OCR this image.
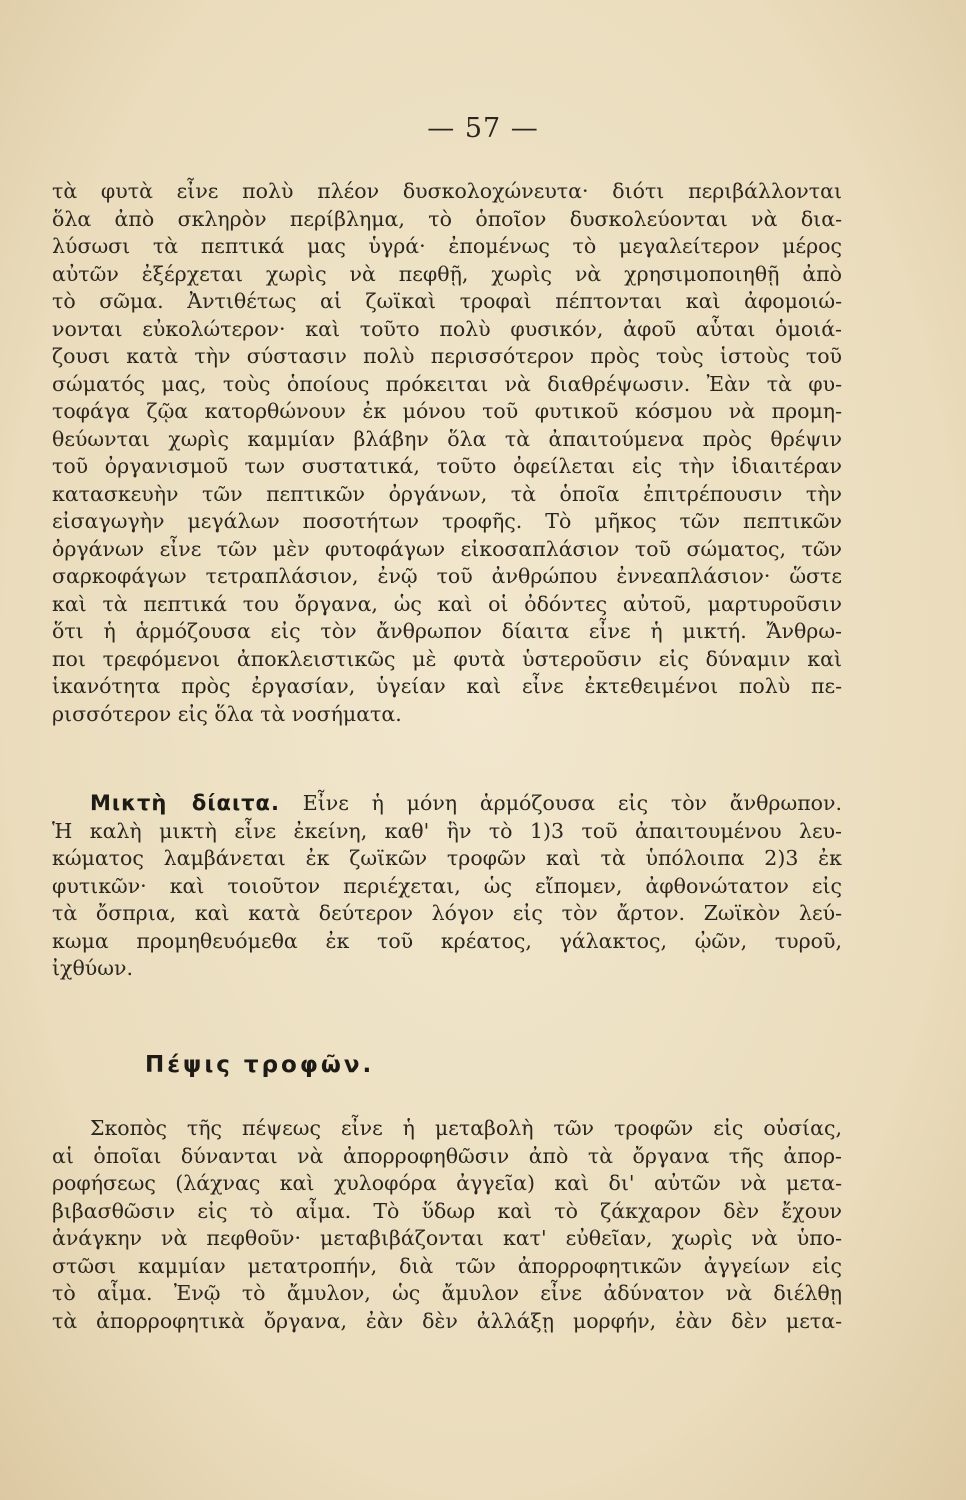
— 57 —
τὰ φυτὰ εἶνε πολὺ πλέον δυσκολοχώνευτα· διότι περιβάλλονται
ὅλα ἀπὸ σκληρὸν περίβλημα, τὸ ὁποῖον δυσκολεύονται νὰ δια-
λύσωσι τὰ πεπτικά μας ὑγρά· ἐπομένως τὸ μεγαλείτερον μέρος
αὐτῶν ἐξέρχεται χωρὶς νὰ πεφθῇ, χωρὶς νὰ χρησιμοποιηθῇ ἀπὸ
τὸ σῶμα. Ἀντιθέτως αἱ ζωϊκαὶ τροφαὶ πέπτονται καὶ ἀφομοιώ-
νονται εὐκολώτερον· καὶ τοῦτο πολὺ φυσικόν, ἀφοῦ αὗται ὁμοιά-
ζουσι κατὰ τὴν σύστασιν πολὺ περισσότερον πρὸς τοὺς ἱστοὺς τοῦ
σώματός μας, τοὺς ὁποίους πρόκειται νὰ διαθρέψωσιν. Ἐὰν τὰ φυ-
τοφάγα ζῷα κατορθώνουν ἐκ μόνου τοῦ φυτικοῦ κόσμου νὰ προμη-
θεύωνται χωρὶς καμμίαν βλάβην ὅλα τὰ ἀπαιτούμενα πρὸς θρέψιν
τοῦ ὀργανισμοῦ των συστατικά, τοῦτο ὀφείλεται εἰς τὴν ἰδιαιτέραν
κατασκευὴν τῶν πεπτικῶν ὀργάνων, τὰ ὁποῖα ἐπιτρέπουσιν τὴν
εἰσαγωγὴν μεγάλων ποσοτήτων τροφῆς. Τὸ μῆκος τῶν πεπτικῶν
ὀργάνων εἶνε τῶν μὲν φυτοφάγων εἰκοσαπλάσιον τοῦ σώματος, τῶν
σαρκοφάγων τετραπλάσιον, ἐνῷ τοῦ ἀνθρώπου ἐννεαπλάσιον· ὥστε
καὶ τὰ πεπτικά του ὄργανα, ὡς καὶ οἱ ὀδόντες αὐτοῦ, μαρτυροῦσιν
ὅτι ἡ ἁρμόζουσα εἰς τὸν ἄνθρωπον δίαιτα εἶνε ἡ μικτή. Ἄνθρω-
ποι τρεφόμενοι ἀποκλειστικῶς μὲ φυτὰ ὑστεροῦσιν εἰς δύναμιν καὶ
ἱκανότητα πρὸς ἐργασίαν, ὑγείαν καὶ εἶνε ἐκτεθειμένοι πολὺ πε-
ρισσότερον εἰς ὅλα τὰ νοσήματα.
Μικτὴ δίαιτα. Εἶνε ἡ μόνη ἁρμόζουσα εἰς τὸν ἄνθρωπον.
Ἡ καλὴ μικτὴ εἶνε ἐκείνη, καθ' ἣν τὸ 1)3 τοῦ ἀπαιτουμένου λευ-
κώματος λαμβάνεται ἐκ ζωϊκῶν τροφῶν καὶ τὰ ὑπόλοιπα 2)3 ἐκ
φυτικῶν· καὶ τοιοῦτον περιέχεται, ὡς εἴπομεν, ἀφθονώτατον εἰς
τὰ ὄσπρια, καὶ κατὰ δεύτερον λόγον εἰς τὸν ἄρτον. Ζωϊκὸν λεύ-
κωμα προμηθευόμεθα ἐκ τοῦ κρέατος, γάλακτος, ᾠῶν, τυροῦ,
ἰχθύων.
Πέψις τροφῶν.
Σκοπὸς τῆς πέψεως εἶνε ἡ μεταβολὴ τῶν τροφῶν εἰς οὐσίας,
αἱ ὁποῖαι δύνανται νὰ ἀπορροφηθῶσιν ἀπὸ τὰ ὄργανα τῆς ἀπορ-
ροφήσεως (λάχνας καὶ χυλοφόρα ἀγγεῖα) καὶ δι' αὐτῶν νὰ μετα-
βιβασθῶσιν εἰς τὸ αἷμα. Τὸ ὕδωρ καὶ τὸ ζάκχαρον δὲν ἔχουν
ἀνάγκην νὰ πεφθοῦν· μεταβιβάζονται κατ' εὐθεῖαν, χωρὶς νὰ ὑπο-
στῶσι καμμίαν μετατροπήν, διὰ τῶν ἀπορροφητικῶν ἀγγείων εἰς
τὸ αἷμα. Ἐνῷ τὸ ἄμυλον, ὡς ἄμυλον εἶνε ἀδύνατον νὰ διέλθῃ
τὰ ἀπορροφητικὰ ὄργανα, ἐὰν δὲν ἀλλάξῃ μορφήν, ἐὰν δὲν μετα-
